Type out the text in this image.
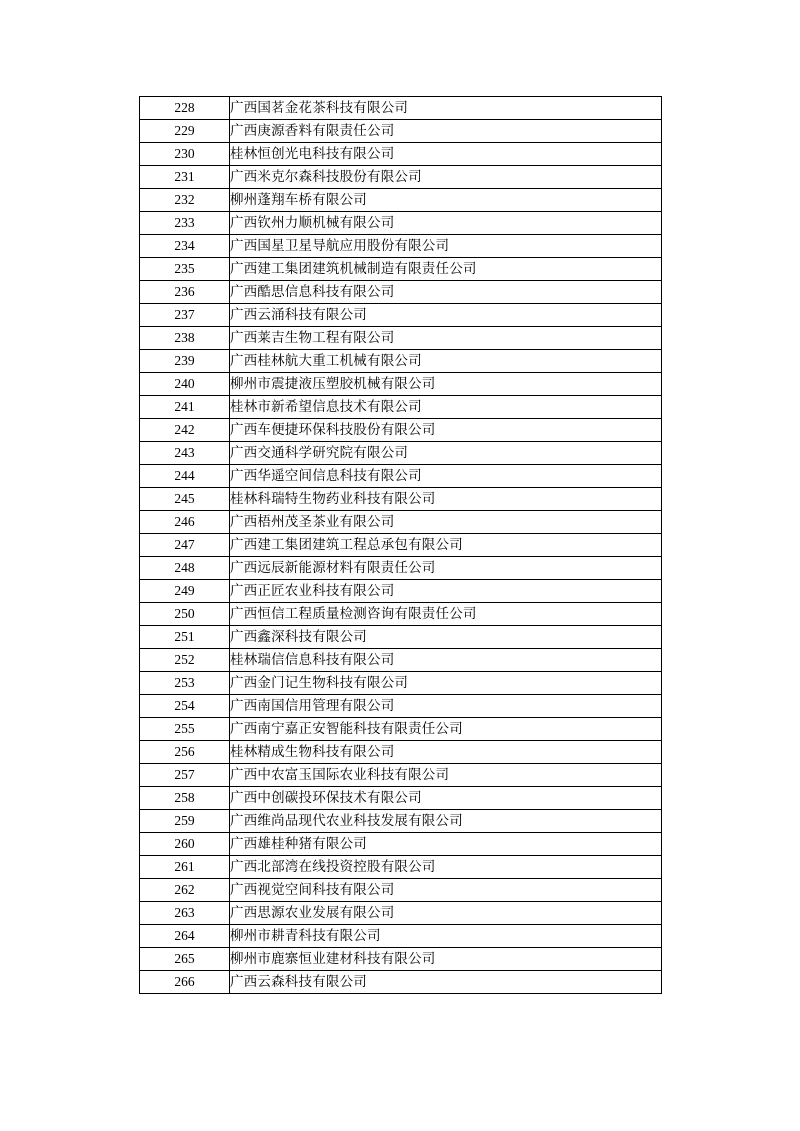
228	广西国茗金花茶科技有限公司
229	广西庚源香料有限责任公司
230	桂林恒创光电科技有限公司
231	广西米克尔森科技股份有限公司
232	柳州蓬翔车桥有限公司
233	广西钦州力顺机械有限公司
234	广西国星卫星导航应用股份有限公司
235	广西建工集团建筑机械制造有限责任公司
236	广西酷思信息科技有限公司
237	广西云涌科技有限公司
238	广西莱吉生物工程有限公司
239	广西桂林航大重工机械有限公司
240	柳州市震捷液压塑胶机械有限公司
241	桂林市新希望信息技术有限公司
242	广西车便捷环保科技股份有限公司
243	广西交通科学研究院有限公司
244	广西华遥空间信息科技有限公司
245	桂林科瑞特生物药业科技有限公司
246	广西梧州茂圣茶业有限公司
247	广西建工集团建筑工程总承包有限公司
248	广西远辰新能源材料有限责任公司
249	广西正匠农业科技有限公司
250	广西恒信工程质量检测咨询有限责任公司
251	广西鑫深科技有限公司
252	桂林瑞信信息科技有限公司
253	广西金门记生物科技有限公司
254	广西南国信用管理有限公司
255	广西南宁嘉正安智能科技有限责任公司
256	桂林精成生物科技有限公司
257	广西中农富玉国际农业科技有限公司
258	广西中创碳投环保技术有限公司
259	广西维尚品现代农业科技发展有限公司
260	广西雄桂种猪有限公司
261	广西北部湾在线投资控股有限公司
262	广西视觉空间科技有限公司
263	广西思源农业发展有限公司
264	柳州市耕青科技有限公司
265	柳州市鹿寨恒业建材科技有限公司
266	广西云森科技有限公司
